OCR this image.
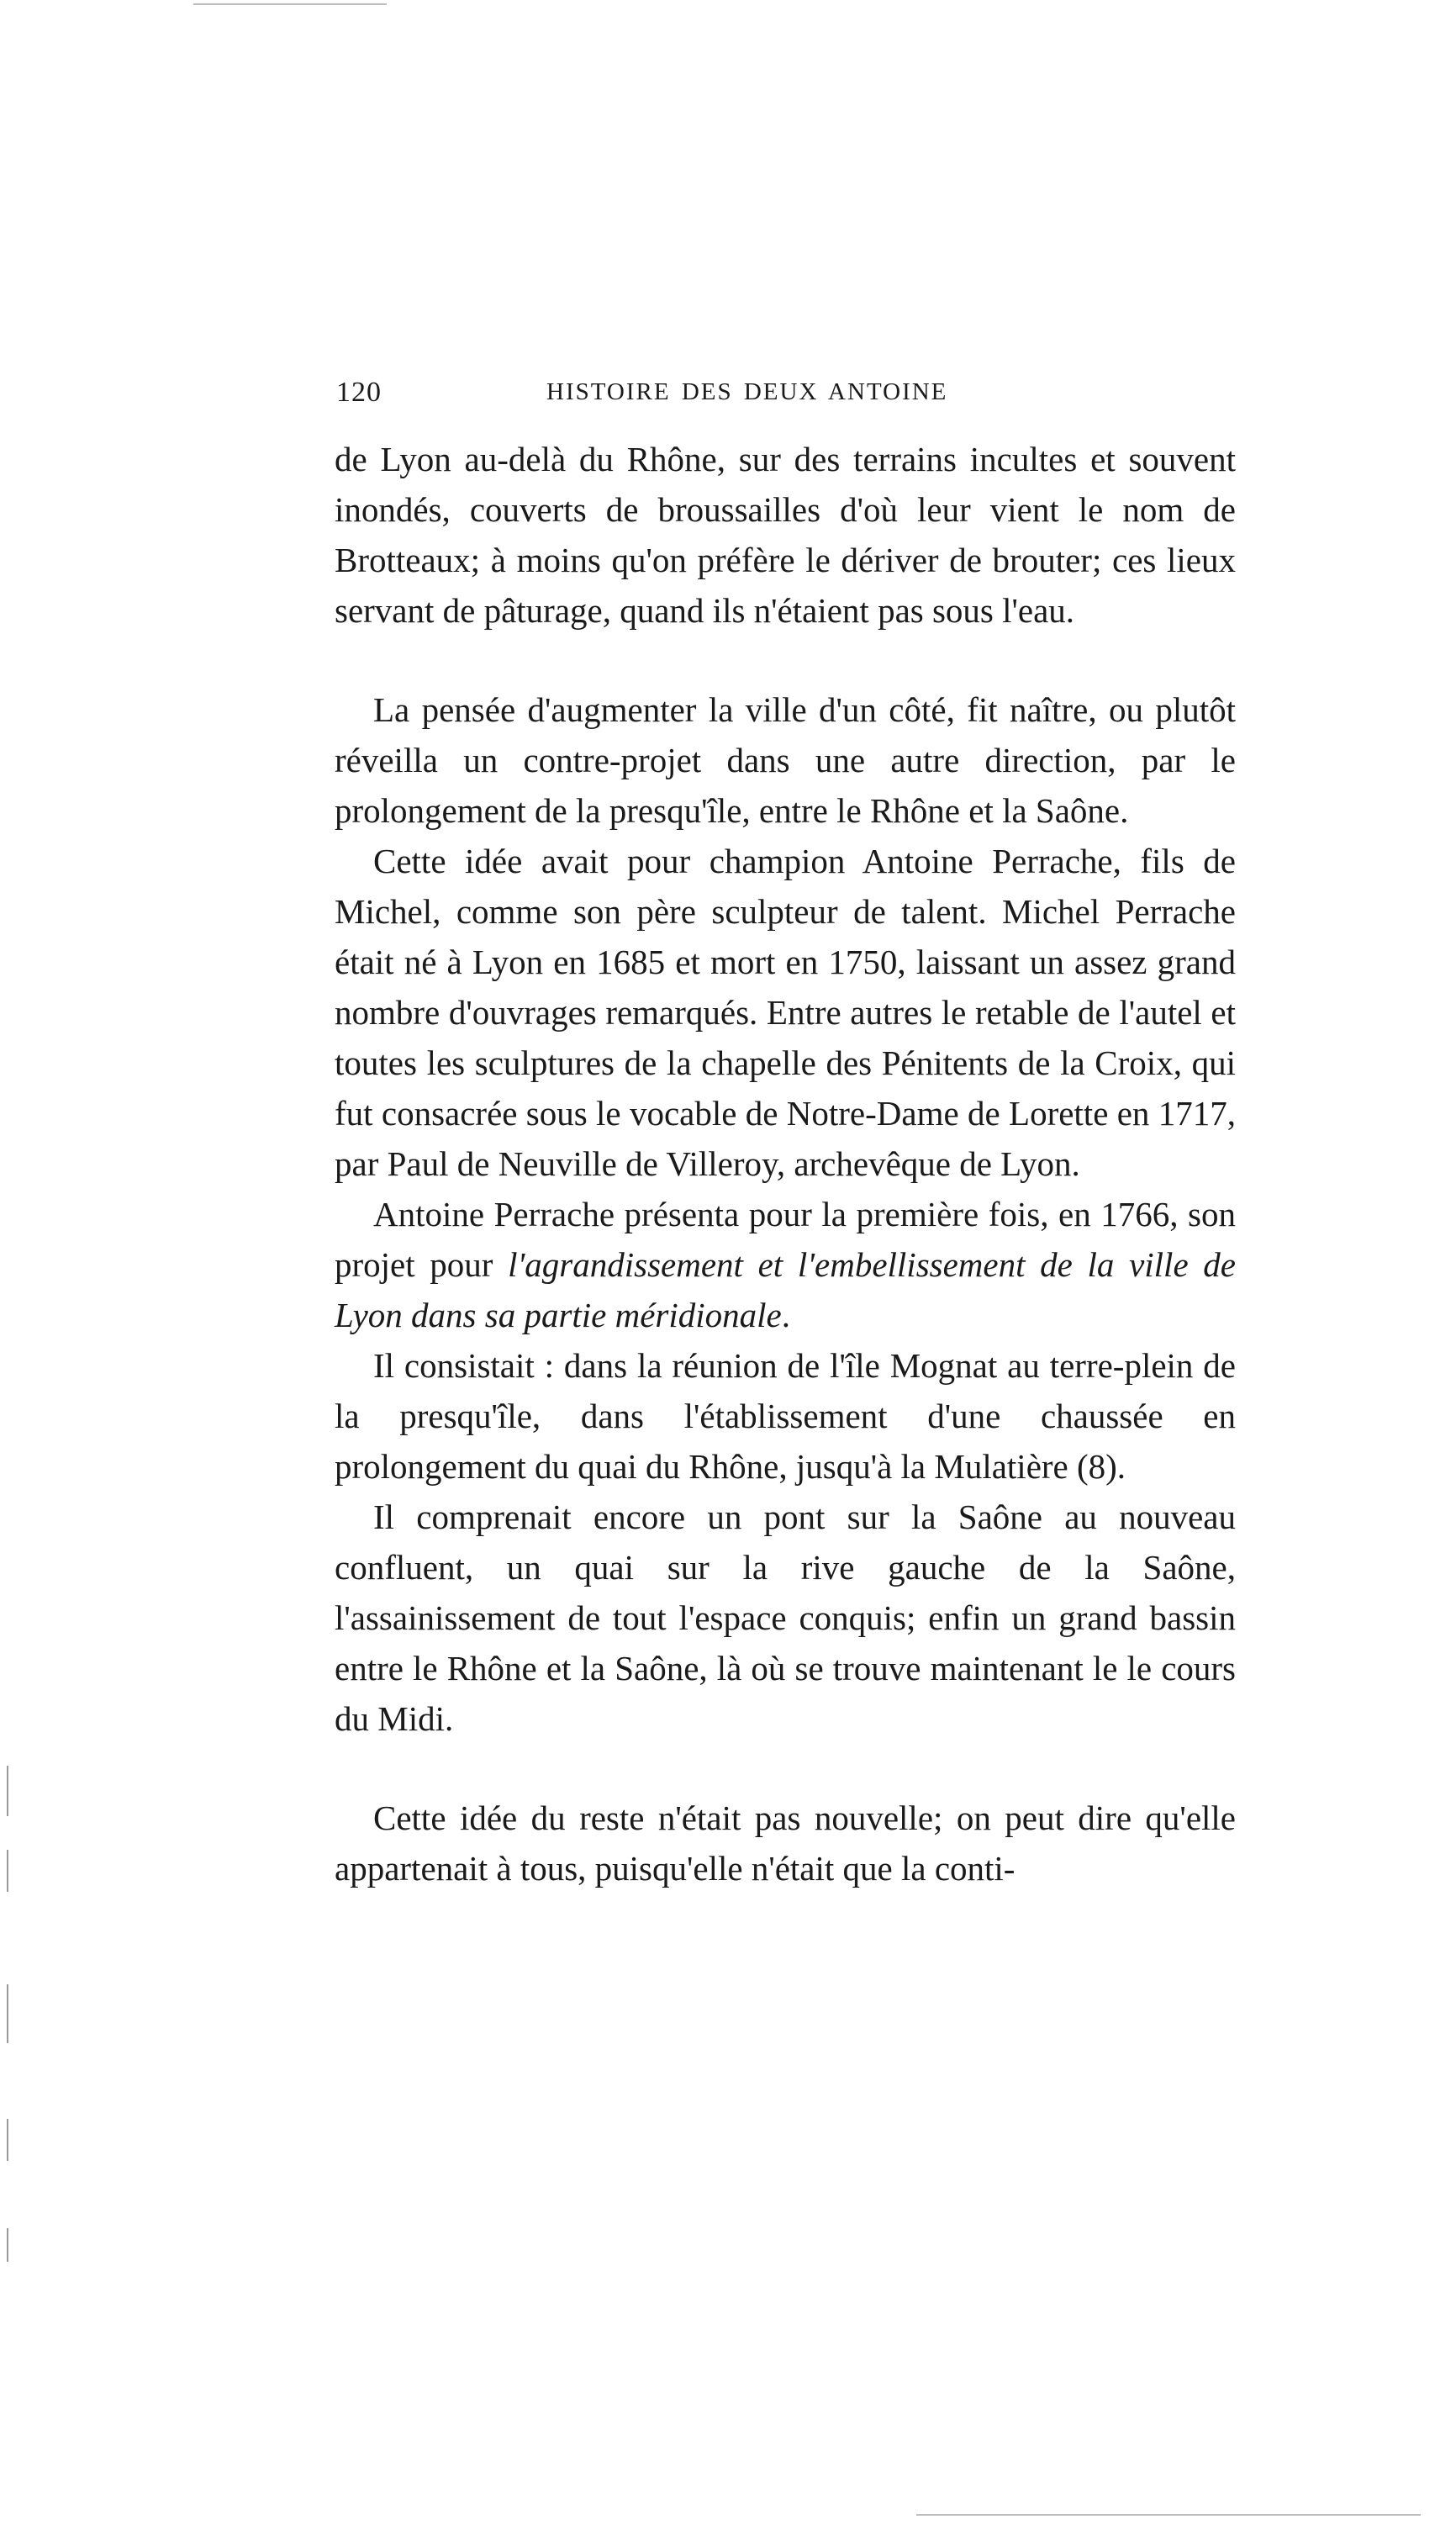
120	HISTOIRE DES DEUX ANTOINE

de Lyon au-delà du Rhône, sur des terrains incultes et souvent inondés, couverts de broussailles d'où leur vient le nom de Brotteaux; à moins qu'on préfère le dériver de brouter; ces lieux servant de pâturage, quand ils n'étaient pas sous l'eau.

La pensée d'augmenter la ville d'un côté, fit naître, ou plutôt réveilla un contre-projet dans une autre direction, par le prolongement de la presqu'île, entre le Rhône et la Saône.

Cette idée avait pour champion Antoine Perrache, fils de Michel, comme son père sculpteur de talent. Michel Perrache était né à Lyon en 1685 et mort en 1750, laissant un assez grand nombre d'ouvrages remarqués. Entre autres le retable de l'autel et toutes les sculptures de la chapelle des Pénitents de la Croix, qui fut consacrée sous le vocable de Notre-Dame de Lorette en 1717, par Paul de Neuville de Villeroy, archevêque de Lyon.

Antoine Perrache présenta pour la première fois, en 1766, son projet pour l'agrandissement et l'embellissement de la ville de Lyon dans sa partie méridionale.

Il consistait : dans la réunion de l'île Mognat au terre-plein de la presqu'île, dans l'établissement d'une chaussée en prolongement du quai du Rhône, jusqu'à la Mulatière (8).

Il comprenait encore un pont sur la Saône au nouveau confluent, un quai sur la rive gauche de la Saône, l'assainissement de tout l'espace conquis; enfin un grand bassin entre le Rhône et la Saône, là où se trouve maintenant le le cours du Midi.

Cette idée du reste n'était pas nouvelle; on peut dire qu'elle appartenait à tous, puisqu'elle n'était que la conti-
